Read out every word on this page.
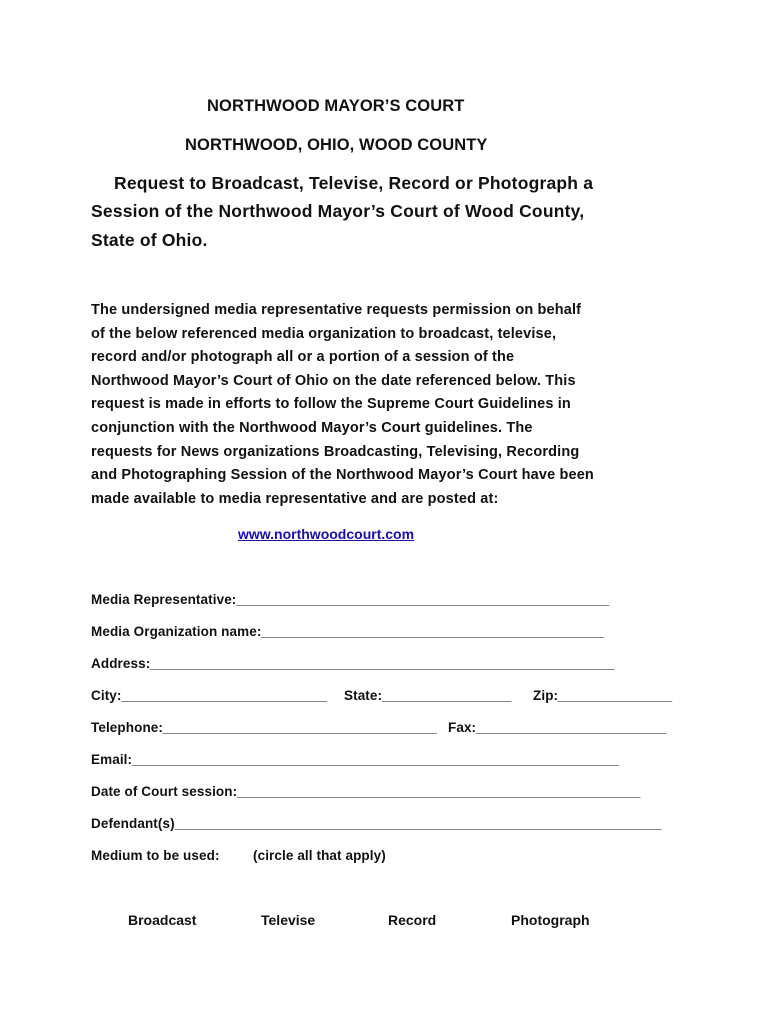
NORTHWOOD MAYOR’S COURT
NORTHWOOD, OHIO, WOOD COUNTY
Request to Broadcast, Televise, Record or Photograph a
Session of the Northwood Mayor’s Court of Wood County,
State of Ohio.
The undersigned media representative requests permission on behalf
of the below referenced media organization to broadcast, televise,
record and/or photograph all or a portion of a session of the
Northwood Mayor’s Court of Ohio on the date referenced below. This
request is made in efforts to follow the Supreme Court Guidelines in
conjunction with the Northwood Mayor’s Court guidelines. The
requests for News organizations Broadcasting, Televising, Recording
and Photographing Session of the Northwood Mayor’s Court have been
made available to media representative and are posted at:
www.northwoodcourt.com
Media Representative:_________________________________________________
Media Organization name:_____________________________________________
Address:_____________________________________________________________
City:___________________________ State:_________________ Zip:_______________
Telephone:____________________________________ Fax:_________________________
Email:________________________________________________________________
Date of Court session:_____________________________________________________
Defendant(s)________________________________________________________________
Medium to be used: (circle all that apply)
Broadcast	Televise	Record	Photograph
